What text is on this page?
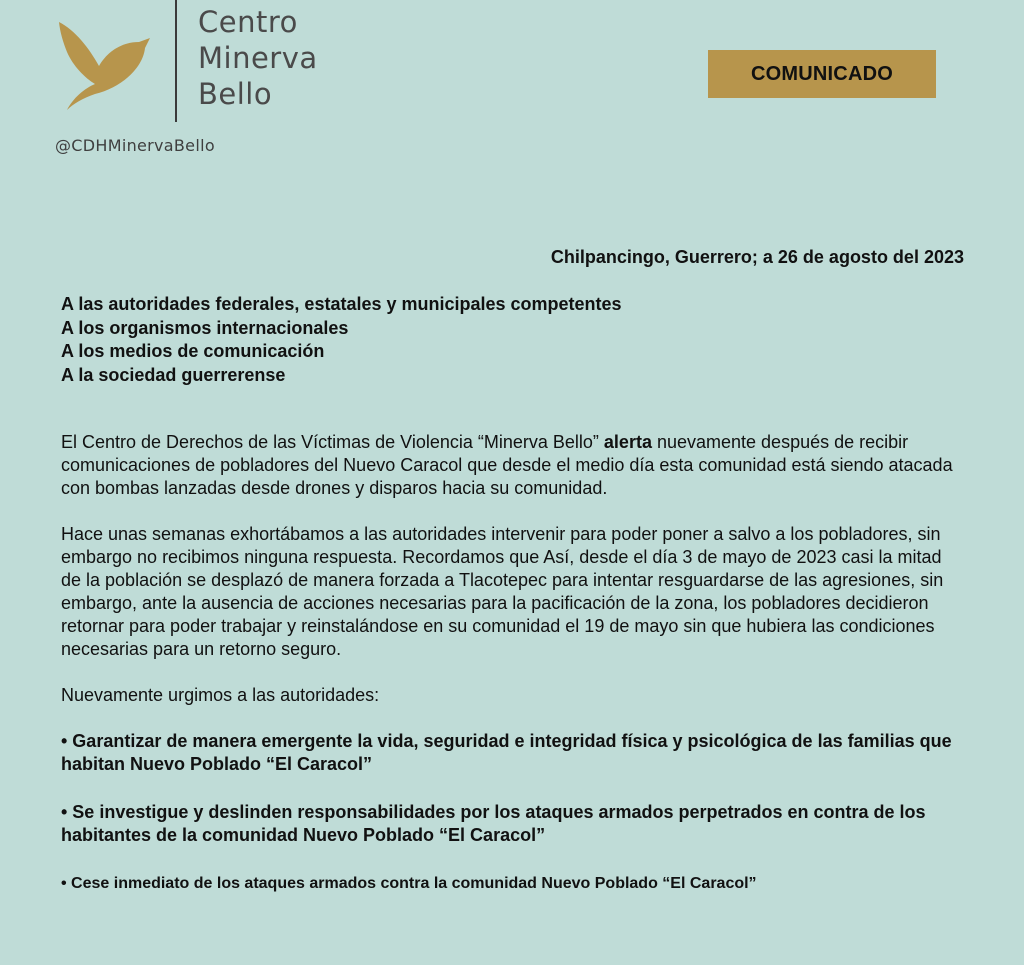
Centro
Minerva
Bello
@CDHMinervaBello
COMUNICADO
Chilpancingo, Guerrero; a 26 de agosto del 2023
A las autoridades federales, estatales y municipales competentes
A los organismos internacionales
A los medios de comunicación
A la sociedad guerrerense

El Centro de Derechos de las Víctimas de Violencia “Minerva Bello” alerta nuevamente después de recibir comunicaciones de pobladores del Nuevo Caracol que desde el medio día esta comunidad está siendo atacada con bombas lanzadas desde drones y disparos hacia su comunidad.

Hace unas semanas exhortábamos a las autoridades intervenir para poder poner a salvo a los pobladores, sin embargo no recibimos ninguna respuesta. Recordamos que Así, desde el día 3 de mayo de 2023 casi la mitad de la población se desplazó de manera forzada a Tlacotepec para intentar resguardarse de las agresiones, sin embargo, ante la ausencia de acciones necesarias para la pacificación de la zona, los pobladores decidieron retornar para poder trabajar y reinstalándose en su comunidad el 19 de mayo sin que hubiera las condiciones necesarias para un retorno seguro.

Nuevamente urgimos a las autoridades:

• Garantizar de manera emergente la vida, seguridad e integridad física y psicológica de las familias que habitan Nuevo Poblado “El Caracol”

• Se investigue y deslinden responsabilidades por los ataques armados perpetrados en contra de los habitantes de la comunidad Nuevo Poblado “El Caracol”

• Cese inmediato de los ataques armados contra la comunidad Nuevo Poblado “El Caracol”
